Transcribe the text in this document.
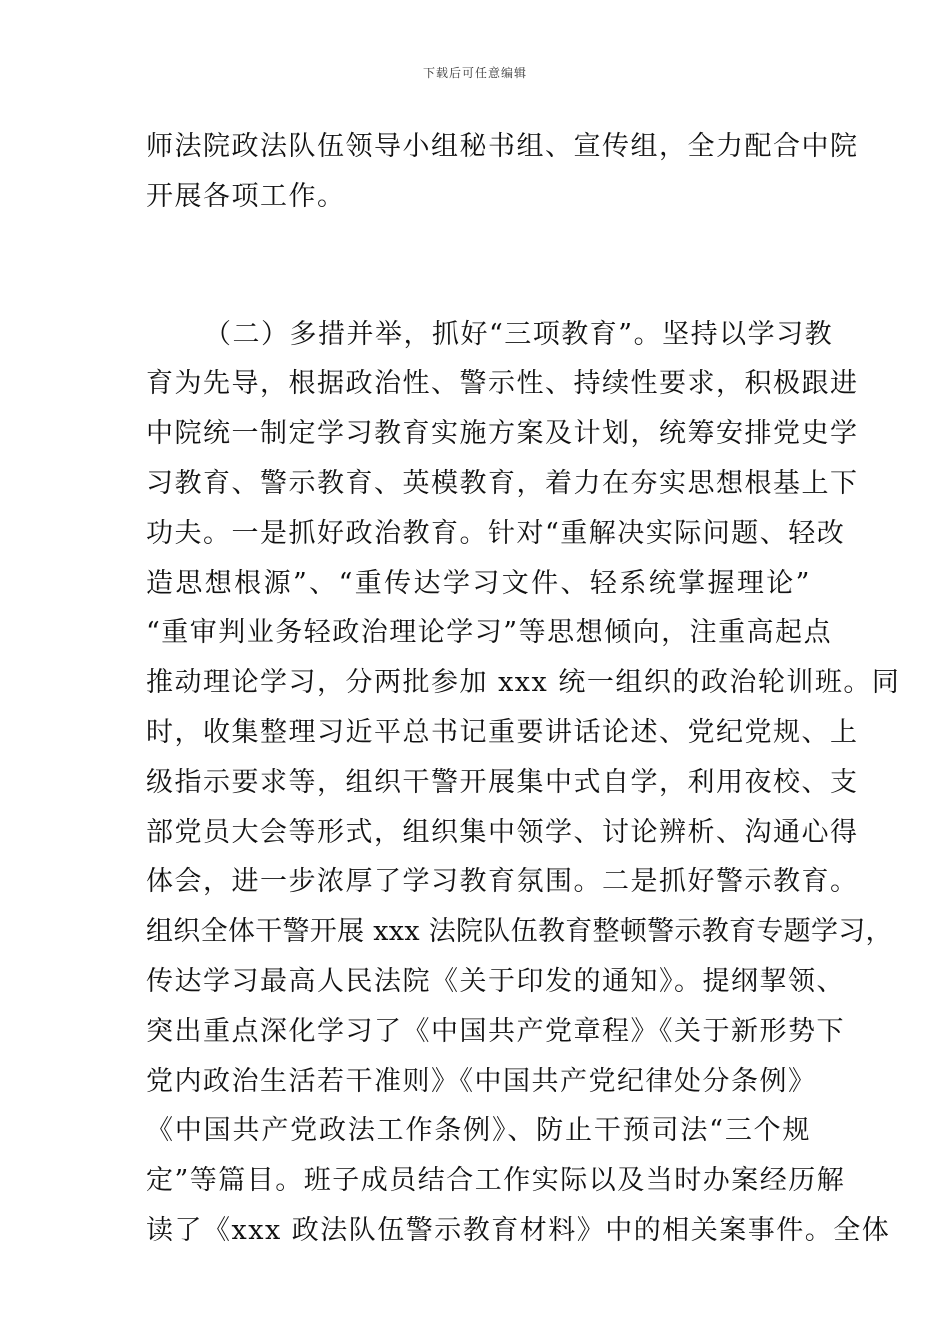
下载后可任意编辑
师法院政法队伍领导小组秘书组、宣传组，全力配合中院
开展各项工作。
（二）多措并举，抓好“三项教育”。坚持以学习教
育为先导，根据政治性、警示性、持续性要求，积极跟进
中院统一制定学习教育实施方案及计划，统筹安排党史学
习教育、警示教育、英模教育，着力在夯实思想根基上下
功夫。一是抓好政治教育。针对“重解决实际问题、轻改
造思想根源”、“重传达学习文件、轻系统掌握理论”
“重审判业务轻政治理论学习”等思想倾向，注重高起点
推动理论学习，分两批参加 xxx 统一组织的政治轮训班。同
时，收集整理习近平总书记重要讲话论述、党纪党规、上
级指示要求等，组织干警开展集中式自学，利用夜校、支
部党员大会等形式，组织集中领学、讨论辨析、沟通心得
体会，进一步浓厚了学习教育氛围。二是抓好警示教育。
组织全体干警开展 xxx 法院队伍教育整顿警示教育专题学习，
传达学习最高人民法院《关于印发的通知》。提纲挈领、
突出重点深化学习了《中国共产党章程》《关于新形势下
党内政治生活若干准则》《中国共产党纪律处分条例》
《中国共产党政法工作条例》、防止干预司法“三个规
定”等篇目。班子成员结合工作实际以及当时办案经历解
读了《xxx 政法队伍警示教育材料》中的相关案事件。全体
